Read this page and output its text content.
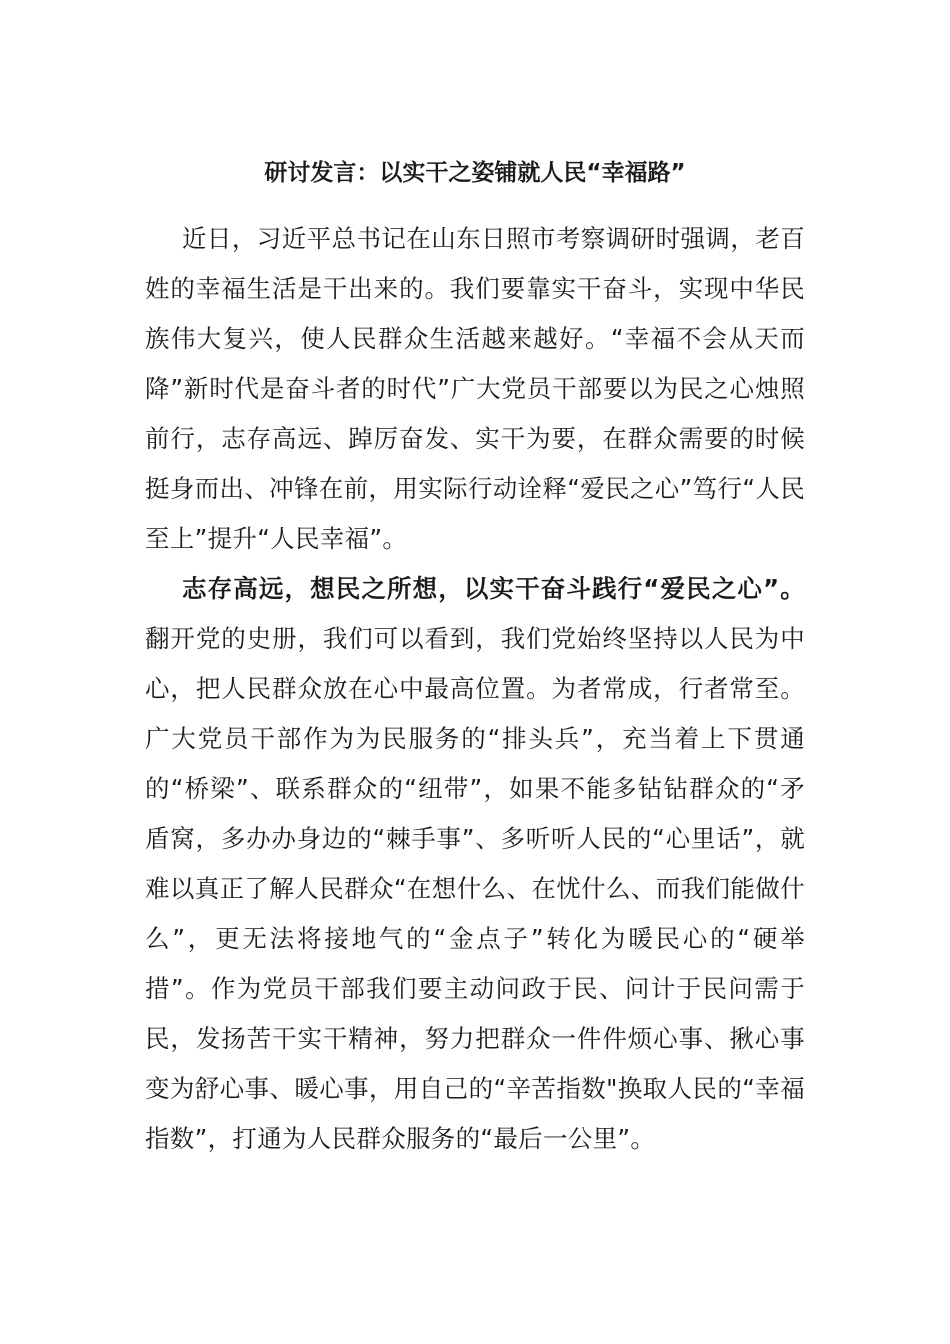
研讨发言：以实干之姿铺就人民“幸福路”

近日，习近平总书记在山东日照市考察调研时强调，老百姓的幸福生活是干出来的。我们要靠实干奋斗，实现中华民族伟大复兴，使人民群众生活越来越好。“幸福不会从天而降”新时代是奋斗者的时代”广大党员干部要以为民之心烛照前行，志存高远、踔厉奋发、实干为要，在群众需要的时候挺身而出、冲锋在前，用实际行动诠释“爱民之心”笃行“人民至上”提升“人民幸福”。

志存高远，想民之所想，以实干奋斗践行“爱民之心”。翻开党的史册，我们可以看到，我们党始终坚持以人民为中心，把人民群众放在心中最高位置。为者常成，行者常至。广大党员干部作为为民服务的“排头兵”，充当着上下贯通的“桥梁”、联系群众的“纽带”，如果不能多钻钻群众的“矛盾窝，多办办身边的“棘手事”、多听听人民的“心里话”，就难以真正了解人民群众“在想什么、在忧什么、而我们能做什么”，更无法将接地气的“金点子”转化为暖民心的“硬举措”。作为党员干部我们要主动问政于民、问计于民问需于民，发扬苦干实干精神，努力把群众一件件烦心事、揪心事变为舒心事、暖心事，用自己的“辛苦指数"换取人民的“幸福指数”，打通为人民群众服务的“最后一公里”。
